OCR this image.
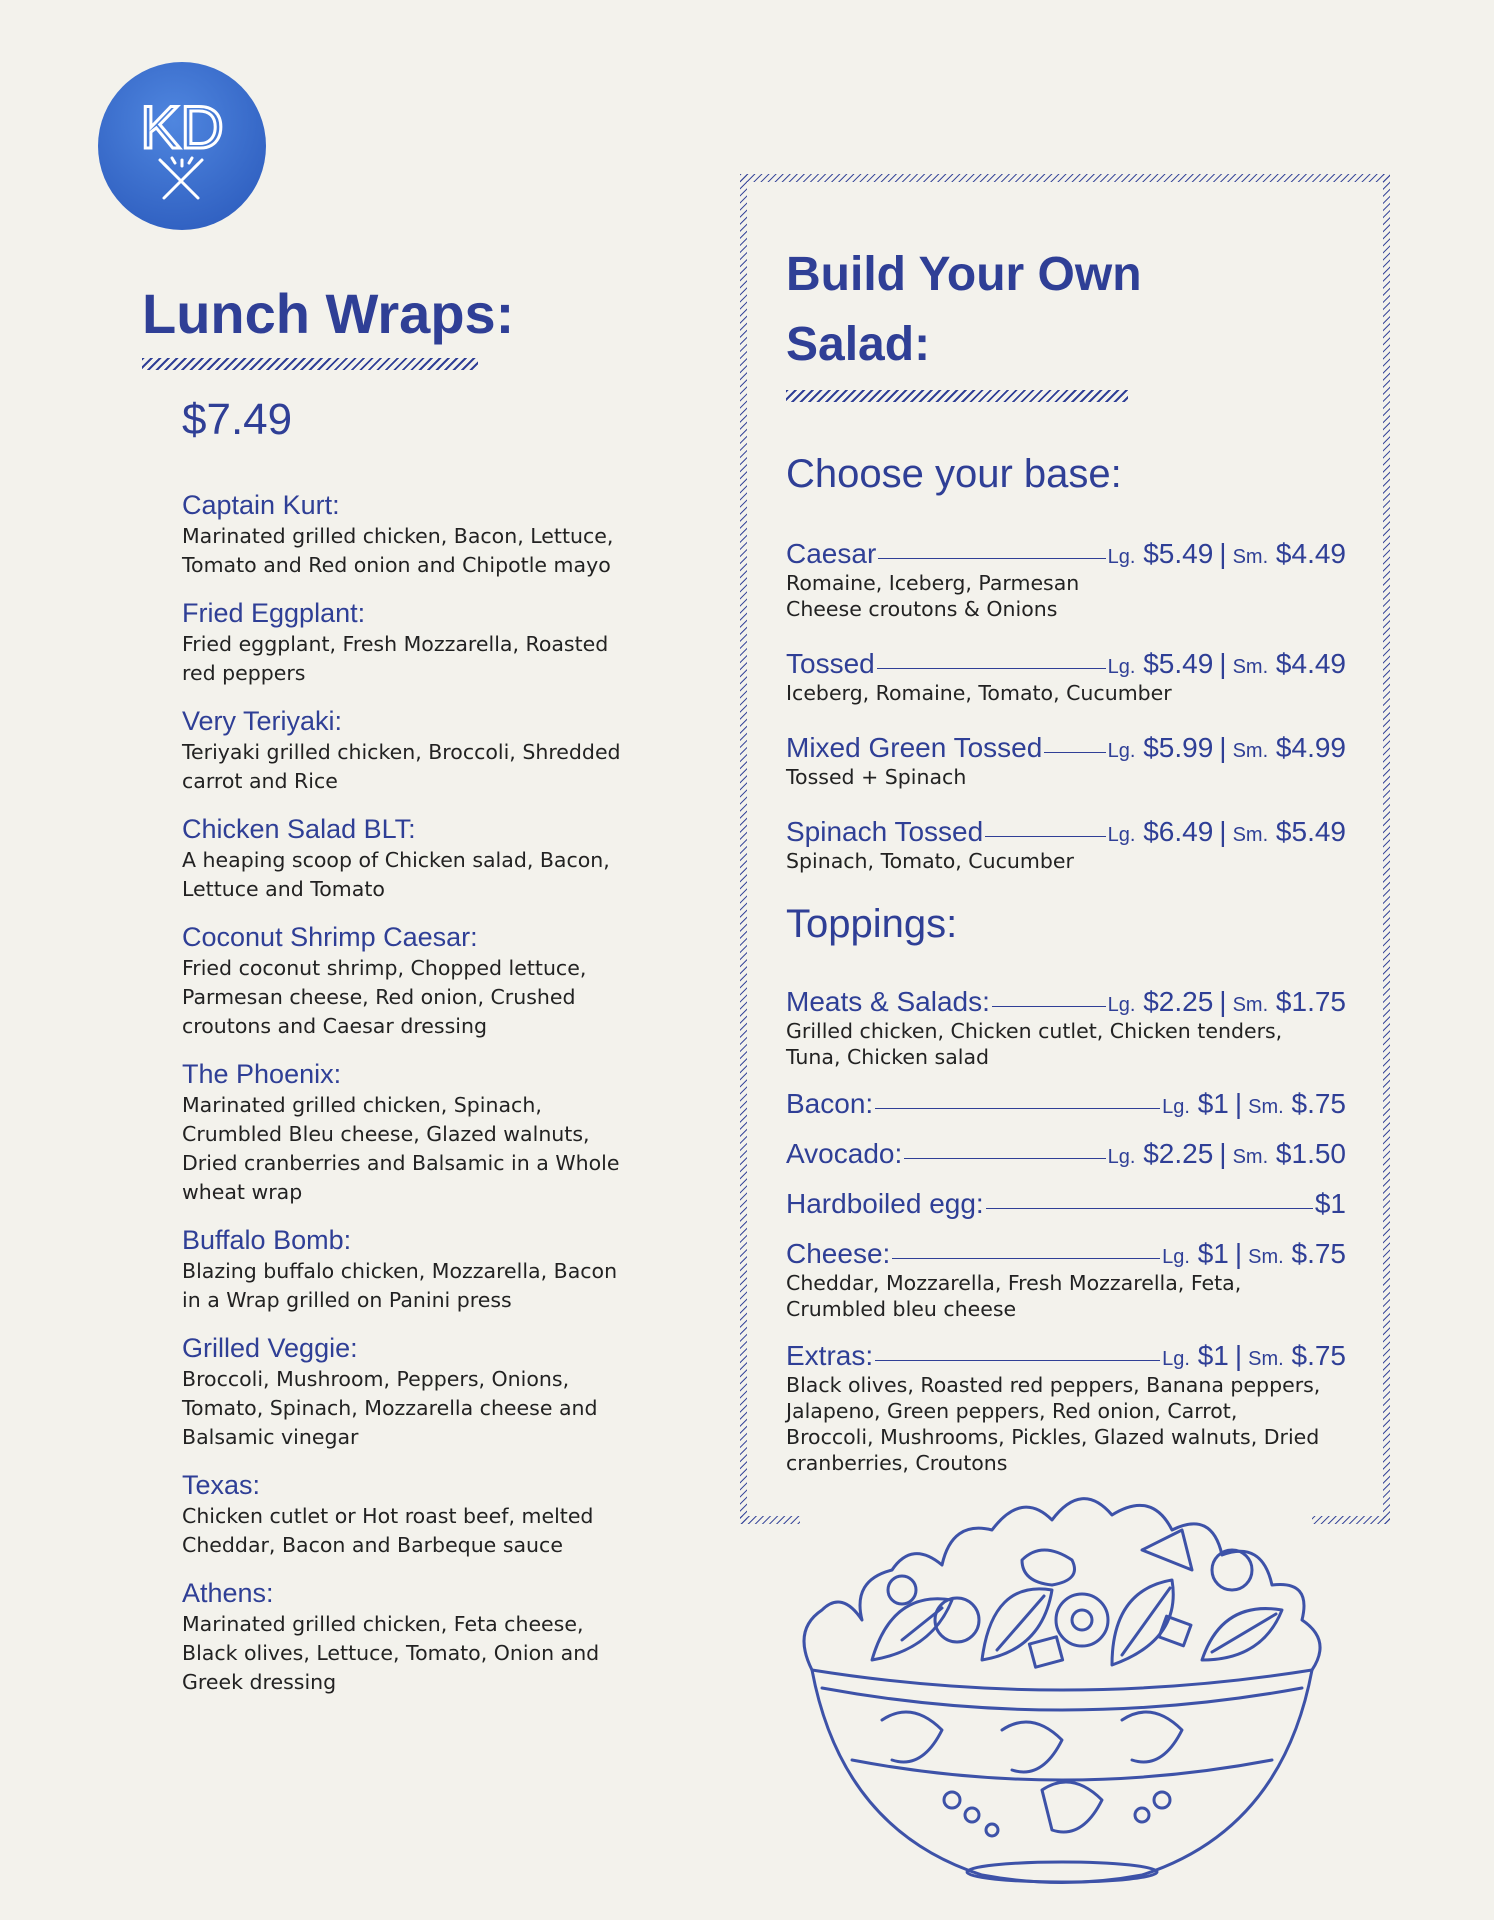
KD
Lunch Wraps:
$7.49
Captain Kurt:
Marinated grilled chicken, Bacon, Lettuce,
Tomato and Red onion and Chipotle mayo
Fried Eggplant:
Fried eggplant, Fresh Mozzarella, Roasted
red peppers
Very Teriyaki:
Teriyaki grilled chicken, Broccoli, Shredded
carrot and Rice
Chicken Salad BLT:
A heaping scoop of Chicken salad, Bacon,
Lettuce and Tomato
Coconut Shrimp Caesar:
Fried coconut shrimp, Chopped lettuce,
Parmesan cheese, Red onion, Crushed
croutons and Caesar dressing
The Phoenix:
Marinated grilled chicken, Spinach,
Crumbled Bleu cheese, Glazed walnuts,
Dried cranberries and Balsamic in a Whole
wheat wrap
Buffalo Bomb:
Blazing buffalo chicken, Mozzarella, Bacon
in a Wrap grilled on Panini press
Grilled Veggie:
Broccoli, Mushroom, Peppers, Onions,
Tomato, Spinach, Mozzarella cheese and
Balsamic vinegar
Texas:
Chicken cutlet or Hot roast beef, melted
Cheddar, Bacon and Barbeque sauce
Athens:
Marinated grilled chicken, Feta cheese,
Black olives, Lettuce, Tomato, Onion and
Greek dressing
Build Your Own
Salad:
Choose your base:
Caesar	Lg. $5.49 | Sm. $4.49
Romaine, Iceberg, Parmesan
Cheese croutons & Onions
Tossed	Lg. $5.49 | Sm. $4.49
Iceberg, Romaine, Tomato, Cucumber
Mixed Green Tossed	Lg. $5.99 | Sm. $4.99
Tossed + Spinach
Spinach Tossed	Lg. $6.49 | Sm. $5.49
Spinach, Tomato, Cucumber
Toppings:
Meats & Salads:	Lg. $2.25 | Sm. $1.75
Grilled chicken, Chicken cutlet, Chicken tenders,
Tuna, Chicken salad
Bacon:	Lg. $1 | Sm. $.75
Avocado:	Lg. $2.25 | Sm. $1.50
Hardboiled egg:	$1
Cheese:	Lg. $1 | Sm. $.75
Cheddar, Mozzarella, Fresh Mozzarella, Feta,
Crumbled bleu cheese
Extras:	Lg. $1 | Sm. $.75
Black olives, Roasted red peppers, Banana peppers,
Jalapeno, Green peppers, Red onion, Carrot,
Broccoli, Mushrooms, Pickles, Glazed walnuts, Dried
cranberries, Croutons
